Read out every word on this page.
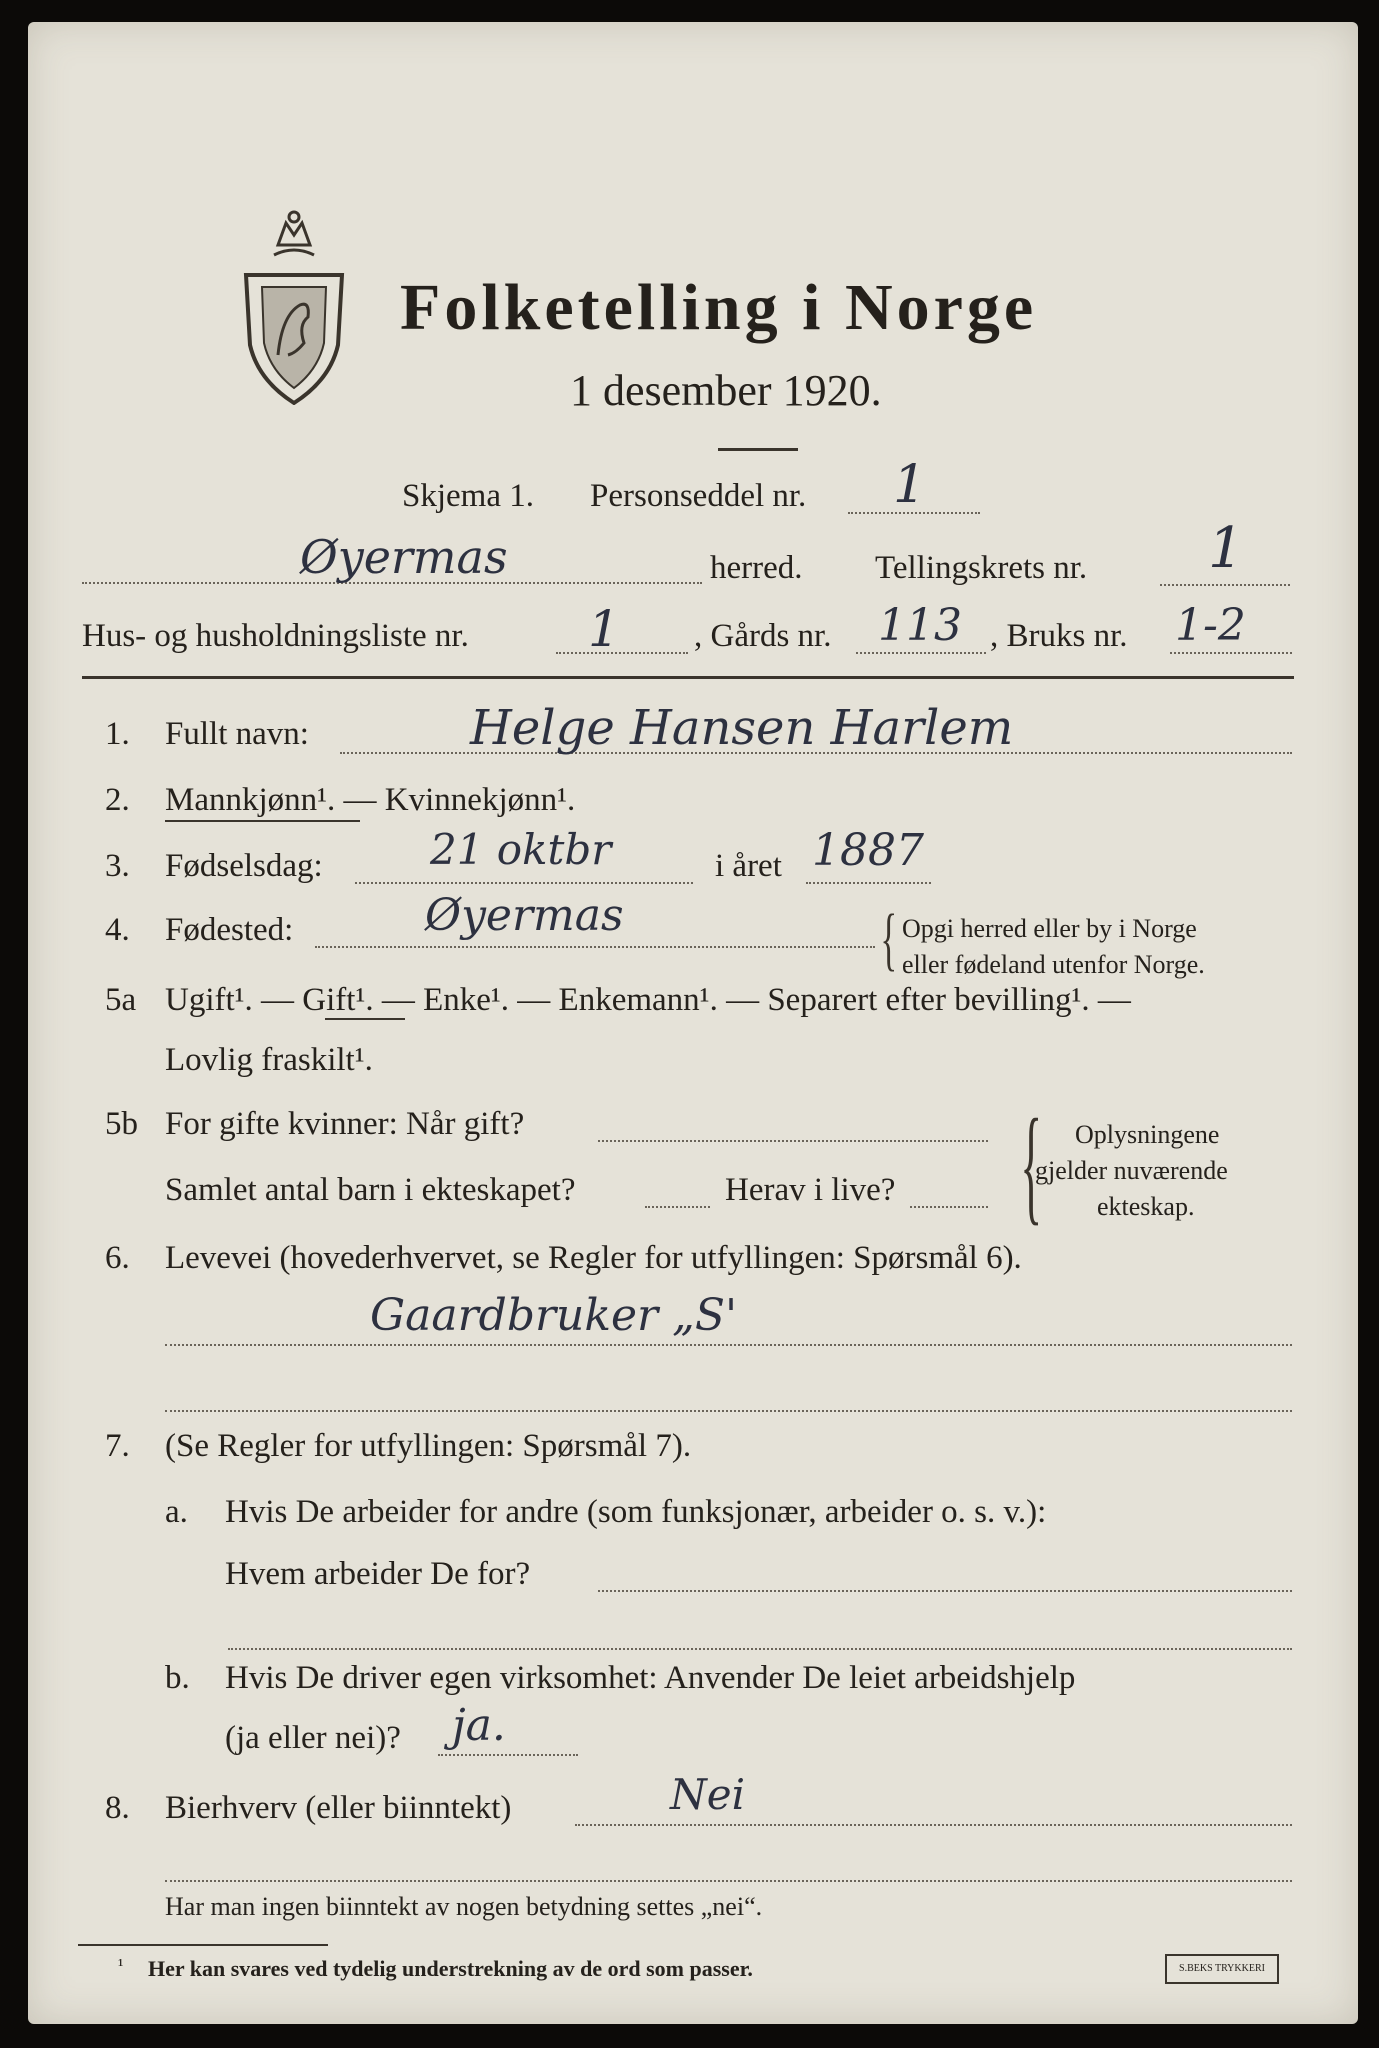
Folketelling i Norge
1 desember 1920.
Skjema 1. Personseddel nr. 1
Øyermas	herred. Tellingskrets nr. 1
Hus- og husholdningsliste nr. 1 , Gårds nr. 113 , Bruks nr. 1-2
1. Fullt navn:	Helge Hansen Harlem
2. Mannkjønn¹. — Kvinnekjønn¹.
3. Fødselsdag:	21 oktbr	i året 1887
4. Fødested:	Øyermas	{ Opgi herred eller by i Norge
eller fødeland utenfor Norge.
5a Ugift¹. — Gift¹. — Enke¹. — Enkemann¹. — Separert efter bevilling¹. —
Lovlig fraskilt¹.
5b For gifte kvinner: Når gift?
Samlet antal barn i ekteskapet?	Herav i live? { Oplysningene
gjelder nuværende
ekteskap.
6. Levevei (hovederhvervet, se Regler for utfyllingen: Spørsmål 6).
Gaardbruker „S'
7. (Se Regler for utfyllingen: Spørsmål 7).
a. Hvis De arbeider for andre (som funksjonær, arbeider o. s. v.):
Hvem arbeider De for?
b. Hvis De driver egen virksomhet: Anvender De leiet arbeidshjelp
(ja eller nei)? ja.
8. Bierhverv (eller biinntekt)	Nei
Har man ingen biinntekt av nogen betydning settes „nei“.
¹ Her kan svares ved tydelig understrekning av de ord som passer.	S.BEKS TRYKKERI
